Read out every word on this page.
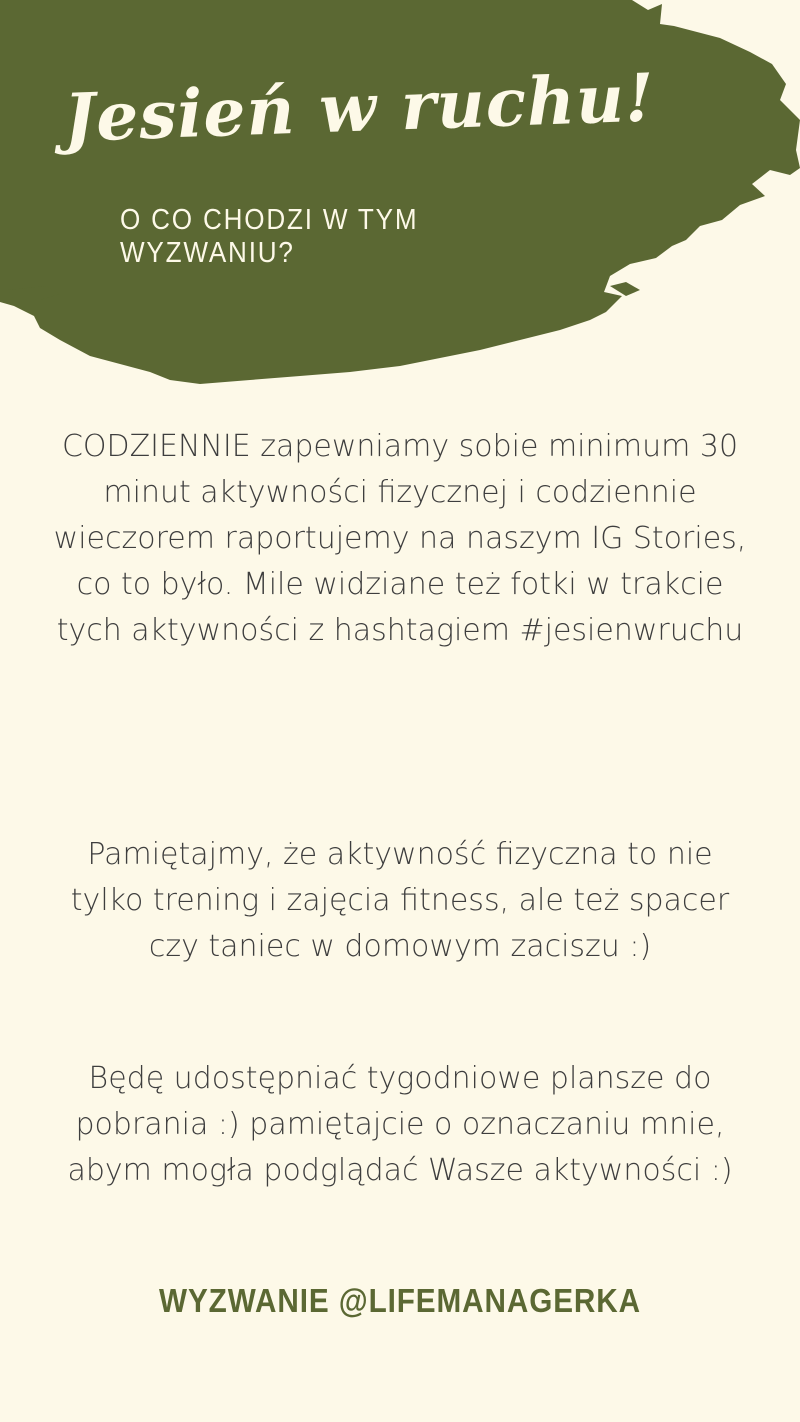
Jesień w ruchu!

O CO CHODZI W TYM WYZWANIU?

CODZIENNIE zapewniamy sobie minimum 30 minut aktywności fizycznej i codziennie wieczorem raportujemy na naszym IG Stories, co to było. Mile widziane też fotki w trakcie tych aktywności z hashtagiem #jesienwruchu

Pamiętajmy, że aktywność fizyczna to nie tylko trening i zajęcia fitness, ale też spacer czy taniec w domowym zaciszu :)

Będę udostępniać tygodniowe plansze do pobrania :) pamiętajcie o oznaczaniu mnie, abym mogła podglądać Wasze aktywności :)

WYZWANIE @LIFEMANAGERKA
